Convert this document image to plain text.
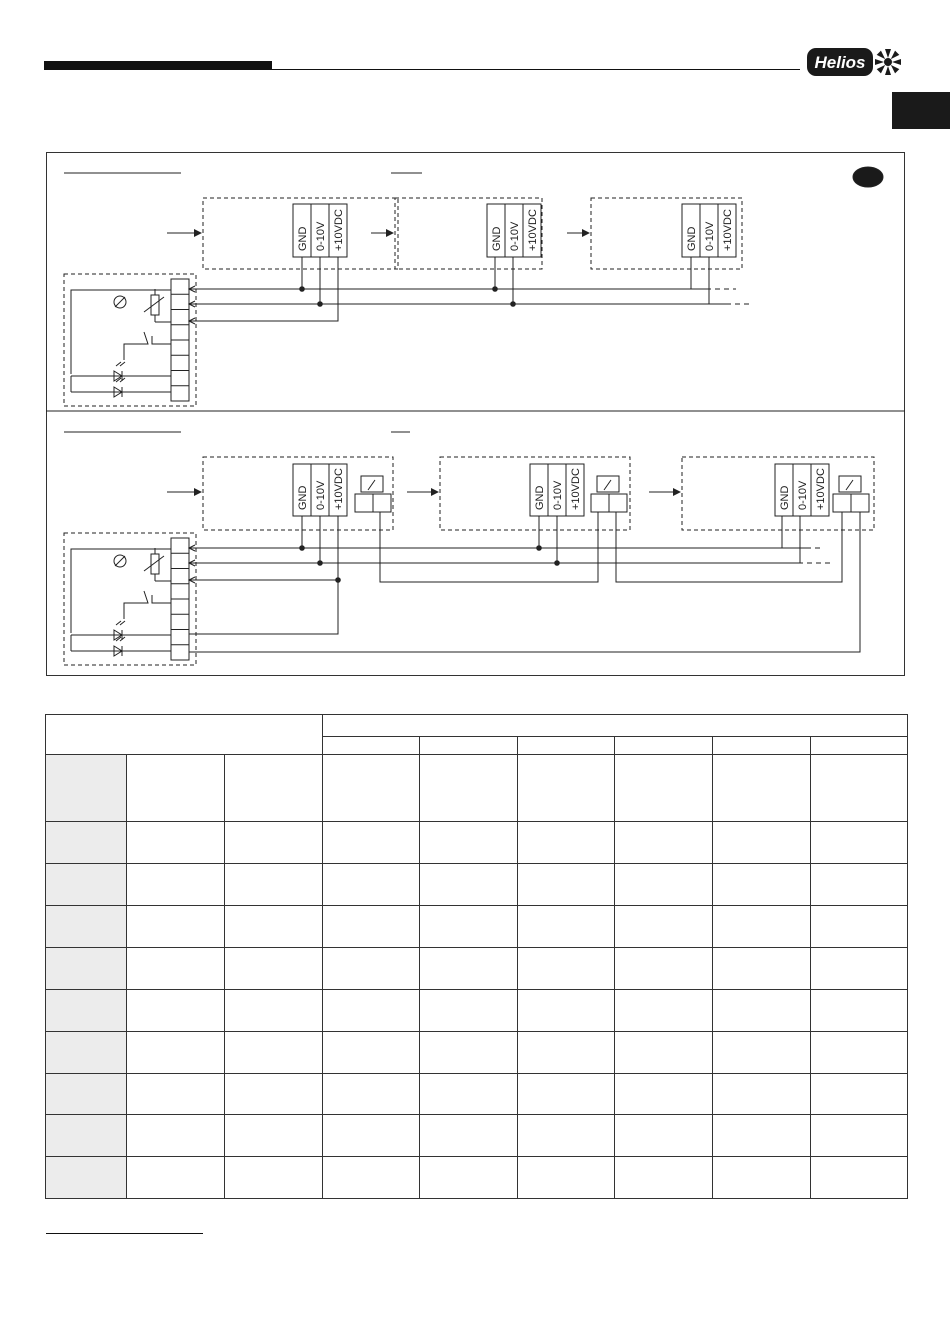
Helios
GND 0-10V +10VDC	GND 0-10V +10VDC	GND 0-10V +10VDC
GND 0-10V +10VDC	GND 0-10V +10VDC	GND 0-10V +10VDC
